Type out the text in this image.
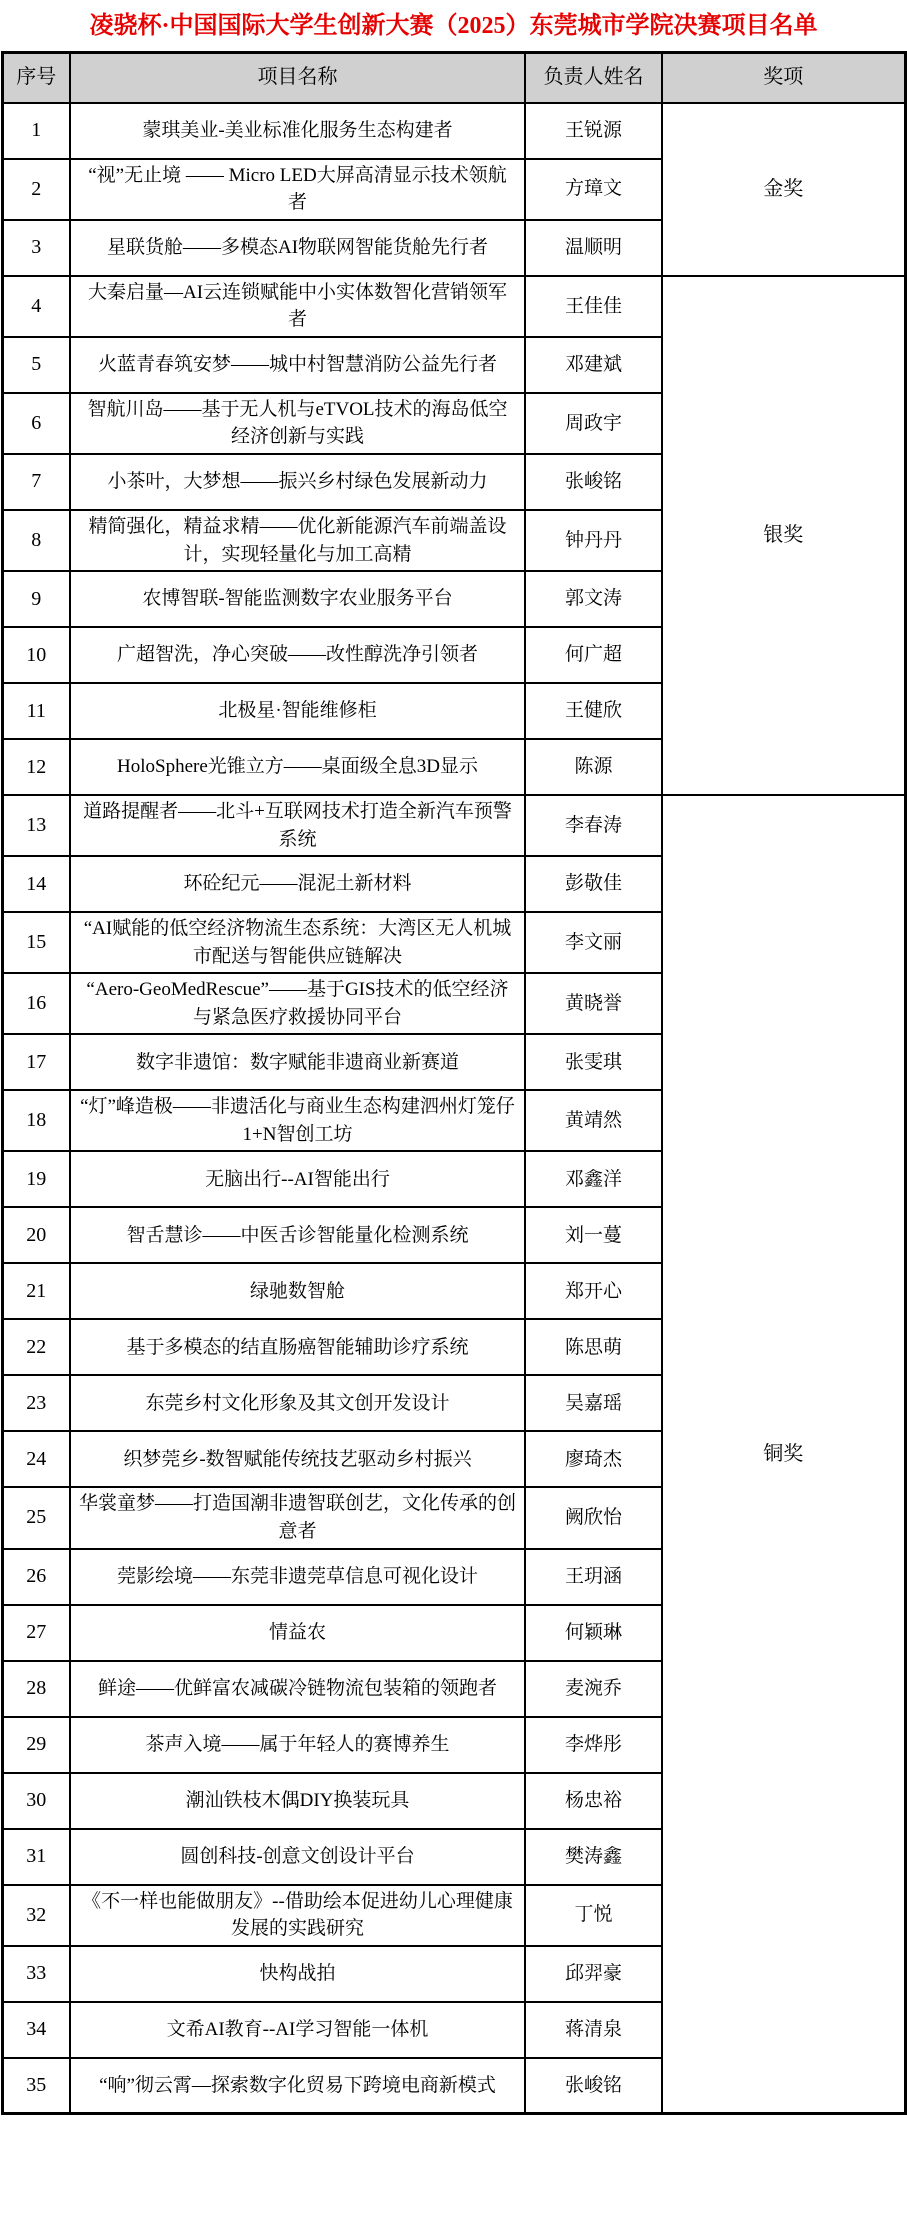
凌骁杯·中国国际大学生创新大赛（2025）东莞城市学院决赛项目名单
序号	项目名称	负责人姓名	奖项
1	蒙琪美业-美业标准化服务生态构建者	王锐源	金奖
2	“视”无止境 —— Micro LED大屏高清显示技术领航者	方璋文	
3	星联货舱——多模态AI物联网智能货舱先行者	温顺明	
4	大秦启量—AI云连锁赋能中小实体数智化营销领军者	王佳佳	银奖
5	火蓝青春筑安梦——城中村智慧消防公益先行者	邓建斌	
6	智航川岛——基于无人机与eTVOL技术的海岛低空经济创新与实践	周政宇	
7	小茶叶，大梦想——振兴乡村绿色发展新动力	张峻铭	
8	精简强化，精益求精——优化新能源汽车前端盖设计，实现轻量化与加工高精	钟丹丹	
9	农博智联-智能监测数字农业服务平台	郭文涛	
10	广超智洗，净心突破——改性醇洗净引领者	何广超	
11	北极星·智能维修柜	王健欣	
12	HoloSphere光锥立方——桌面级全息3D显示	陈源	
13	道路提醒者——北斗+互联网技术打造全新汽车预警系统	李春涛	铜奖
14	环砼纪元——混泥土新材料	彭敬佳	
15	“AI赋能的低空经济物流生态系统：大湾区无人机城市配送与智能供应链解决	李文丽	
16	“Aero-GeoMedRescue”——基于GIS技术的低空经济与紧急医疗救援协同平台	黄晓誉	
17	数字非遗馆：数字赋能非遗商业新赛道	张雯琪	
18	“灯”峰造极——非遗活化与商业生态构建泗州灯笼仔1+N智创工坊	黄靖然	
19	无脑出行--AI智能出行	邓鑫洋	
20	智舌慧诊——中医舌诊智能量化检测系统	刘一蔓	
21	绿驰数智舱	郑开心	
22	基于多模态的结直肠癌智能辅助诊疗系统	陈思萌	
23	东莞乡村文化形象及其文创开发设计	吴嘉瑶	
24	织梦莞乡-数智赋能传统技艺驱动乡村振兴	廖琦杰	
25	华裳童梦——打造国潮非遗智联创艺，文化传承的创意者	阙欣怡	
26	莞影绘境——东莞非遗莞草信息可视化设计	王玥涵	
27	情益农	何颖琳	
28	鲜途——优鲜富农减碳冷链物流包装箱的领跑者	麦涴乔	
29	茶声入境——属于年轻人的赛博养生	李烨彤	
30	潮汕铁枝木偶DIY换装玩具	杨忠裕	
31	圆创科技-创意文创设计平台	樊涛鑫	
32	《不一样也能做朋友》--借助绘本促进幼儿心理健康发展的实践研究	丁悦	
33	快构战拍	邱羿豪	
34	文希AI教育--AI学习智能一体机	蒋清泉	
35	“响”彻云霄—探索数字化贸易下跨境电商新模式	张峻铭	
